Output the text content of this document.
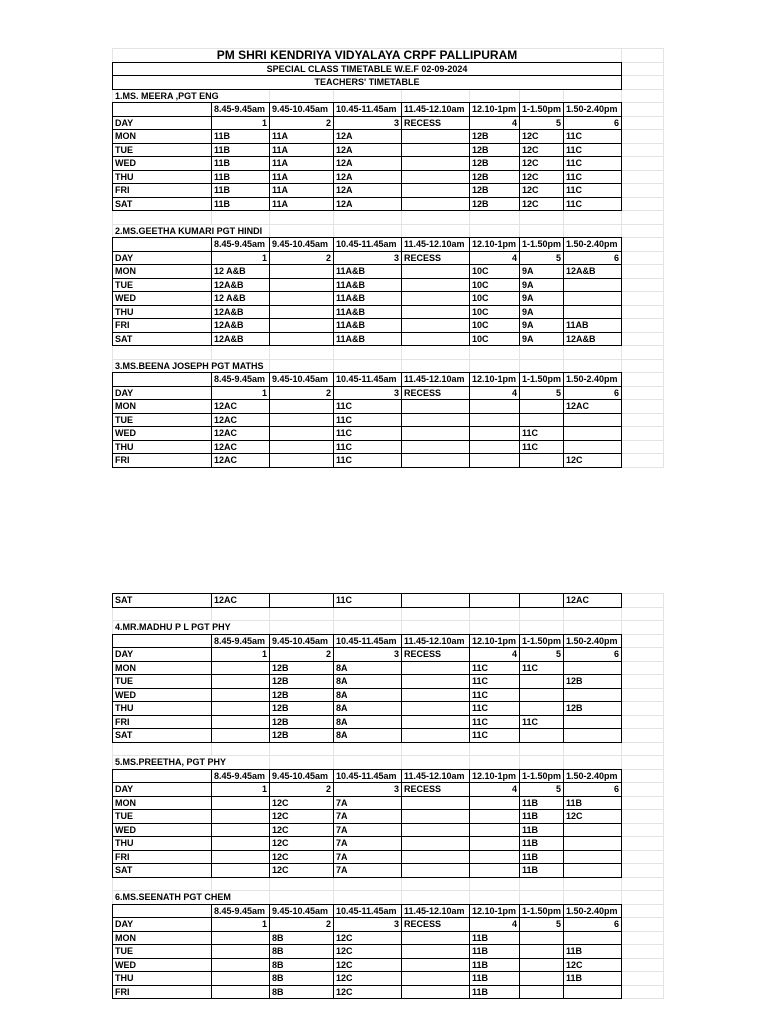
PM SHRI KENDRIYA VIDYALAYA CRPF PALLIPURAM								
SPECIAL CLASS TIMETABLE W.E.F 02-09-2024								
TEACHERS' TIMETABLE								
1.MS. MEERA ,PGT ENG								
	8.45-9.45am	9.45-10.45am	10.45-11.45am	11.45-12.10am	12.10-1pm	1-1.50pm	1.50-2.40pm	
DAY	1	2	3	RECESS	4	5	6	
MON	11B	11A	12A		12B	12C	11C	
TUE	11B	11A	12A		12B	12C	11C	
WED	11B	11A	12A		12B	12C	11C	
THU	11B	11A	12A		12B	12C	11C	
FRI	11B	11A	12A		12B	12C	11C	
SAT	11B	11A	12A		12B	12C	11C	

2.MS.GEETHA KUMARI PGT HINDI								
	8.45-9.45am	9.45-10.45am	10.45-11.45am	11.45-12.10am	12.10-1pm	1-1.50pm	1.50-2.40pm	
DAY	1	2	3	RECESS	4	5	6	
MON	12 A&B		11A&B		10C	9A	12A&B	
TUE	12A&B		11A&B		10C	9A		
WED	12 A&B		11A&B		10C	9A		
THU	12A&B		11A&B		10C	9A		
FRI	12A&B		11A&B		10C	9A	11AB	
SAT	12A&B		11A&B		10C	9A	12A&B	

3.MS.BEENA JOSEPH PGT MATHS								
	8.45-9.45am	9.45-10.45am	10.45-11.45am	11.45-12.10am	12.10-1pm	1-1.50pm	1.50-2.40pm	
DAY	1	2	3	RECESS	4	5	6	
MON	12AC		11C				12AC	
TUE	12AC		11C					
WED	12AC		11C			11C		
THU	12AC		11C			11C		
FRI	12AC		11C				12C	
SAT	12AC		11C				12AC	

4.MR.MADHU P L PGT PHY								
	8.45-9.45am	9.45-10.45am	10.45-11.45am	11.45-12.10am	12.10-1pm	1-1.50pm	1.50-2.40pm	
DAY	1	2	3	RECESS	4	5	6	
MON		12B	8A		11C	11C		
TUE		12B	8A		11C		12B	
WED		12B	8A		11C			
THU		12B	8A		11C		12B	
FRI		12B	8A		11C	11C		
SAT		12B	8A		11C			

5.MS.PREETHA, PGT PHY								
	8.45-9.45am	9.45-10.45am	10.45-11.45am	11.45-12.10am	12.10-1pm	1-1.50pm	1.50-2.40pm	
DAY	1	2	3	RECESS	4	5	6	
MON		12C	7A			11B	11B	
TUE		12C	7A			11B	12C	
WED		12C	7A			11B		
THU		12C	7A			11B		
FRI		12C	7A			11B		
SAT		12C	7A			11B		

6.MS.SEENATH PGT CHEM								
	8.45-9.45am	9.45-10.45am	10.45-11.45am	11.45-12.10am	12.10-1pm	1-1.50pm	1.50-2.40pm	
DAY	1	2	3	RECESS	4	5	6	
MON		8B	12C		11B			
TUE		8B	12C		11B		11B	
WED		8B	12C		11B		12C	
THU		8B	12C		11B		11B	
FRI		8B	12C		11B			
